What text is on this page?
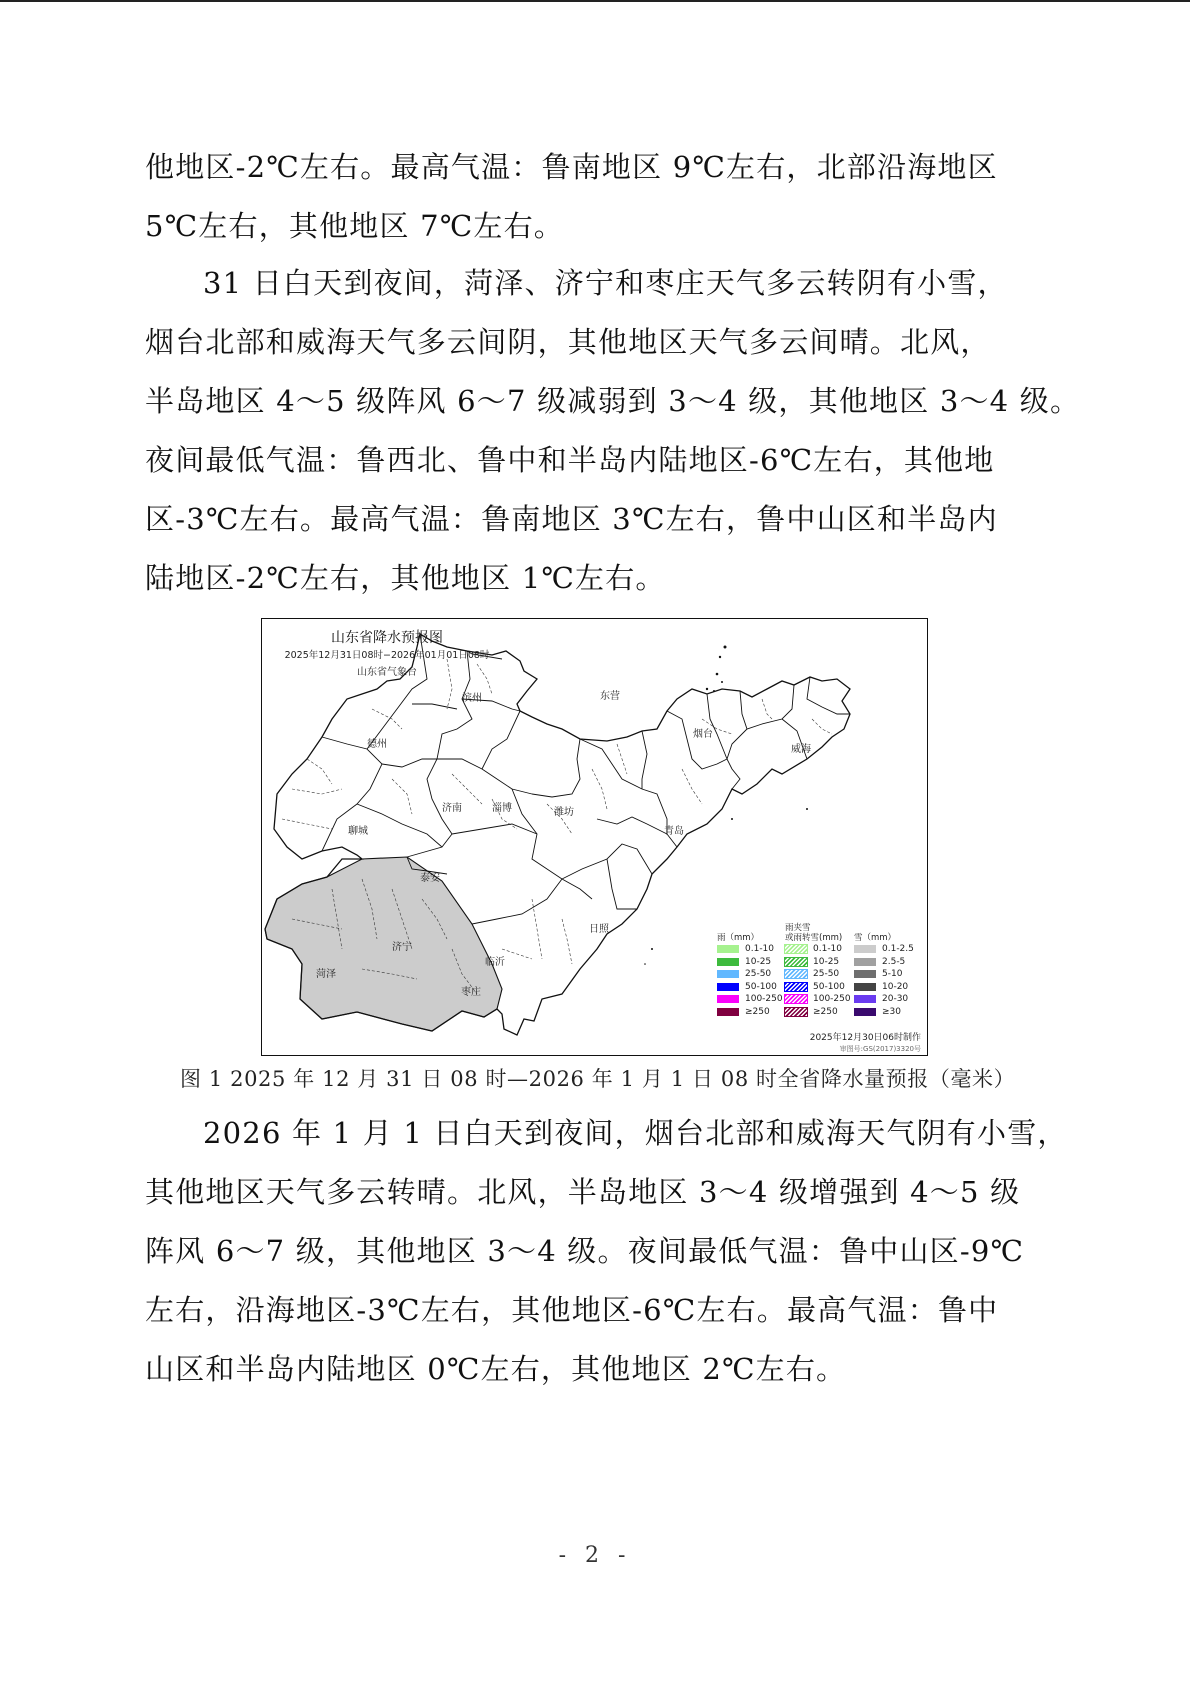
他地区-2℃左右。最高气温：鲁南地区 9℃左右，北部沿海地区
5℃左右，其他地区 7℃左右。
31 日白天到夜间，菏泽、济宁和枣庄天气多云转阴有小雪，
烟台北部和威海天气多云间阴，其他地区天气多云间晴。北风，
半岛地区 4～5 级阵风 6～7 级减弱到 3～4 级，其他地区 3～4 级。
夜间最低气温：鲁西北、鲁中和半岛内陆地区-6℃左右，其他地
区-3℃左右。最高气温：鲁南地区 3℃左右，鲁中山区和半岛内
陆地区-2℃左右，其他地区 1℃左右。
滨州	东营
德州
烟台
威海
济南	淄博	潍坊
聊城	青岛
泰安
日照
济宁
临沂
菏泽
枣庄
山东省降水预报图
2025年12月31日08时−2026年01月01日08时
山东省气象台
雨（mm）
0.1-10
10-25
25-50
50-100
100-250
≥250
雨夹雪
或雨转雪(mm)
0.1-10
10-25
25-50
50-100
100-250
≥250
雪（mm）
0.1-2.5
2.5-5
5-10
10-20
20-30
≥30
2025年12月30日06时制作
审图号:GS(2017)3320号
图 1 2025 年 12 月 31 日 08 时—2026 年 1 月 1 日 08 时全省降水量预报（毫米）
2026 年 1 月 1 日白天到夜间，烟台北部和威海天气阴有小雪，
其他地区天气多云转晴。北风，半岛地区 3～4 级增强到 4～5 级
阵风 6～7 级，其他地区 3～4 级。夜间最低气温：鲁中山区-9℃
左右，沿海地区-3℃左右，其他地区-6℃左右。最高气温：鲁中
山区和半岛内陆地区 0℃左右，其他地区 2℃左右。
- 2 -
